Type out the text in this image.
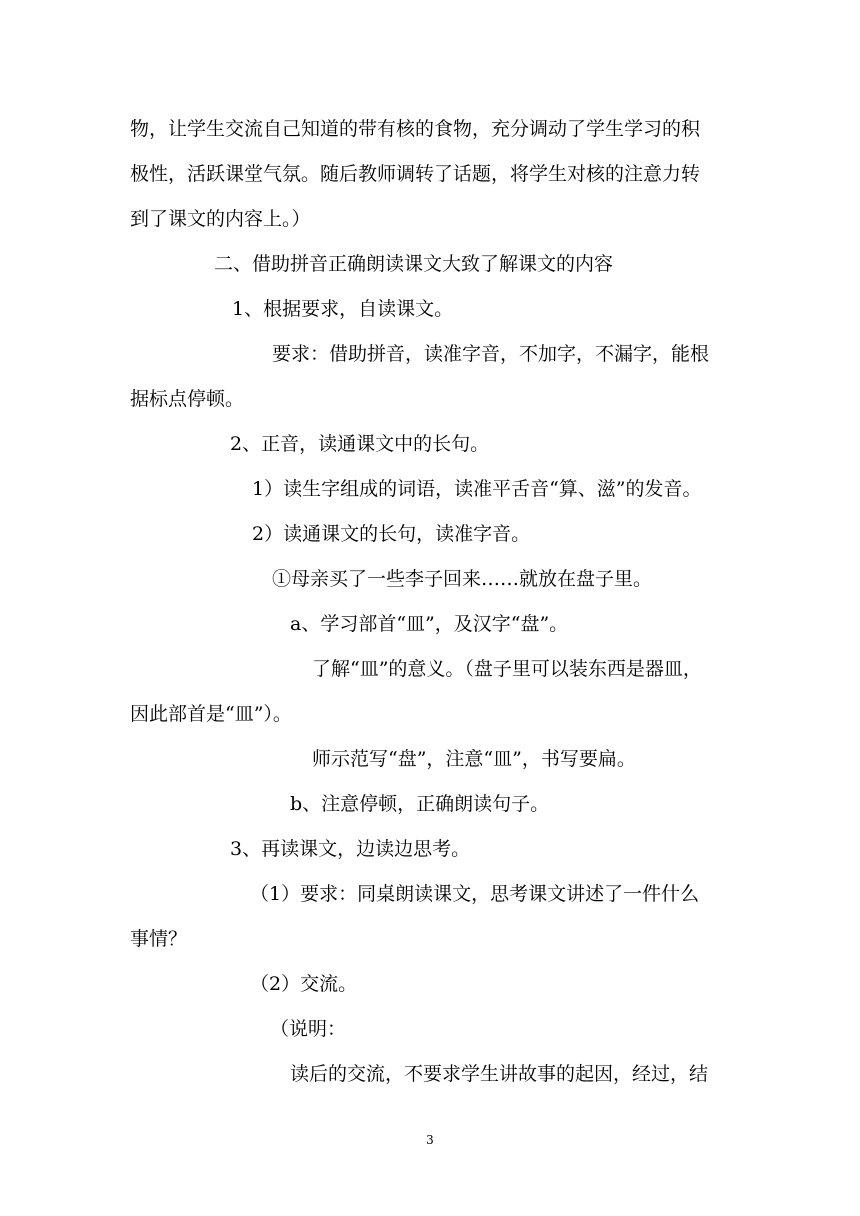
物，让学生交流自己知道的带有核的食物，充分调动了学生学习的积
极性，活跃课堂气氛。随后教师调转了话题，将学生对核的注意力转
到了课文的内容上。）
二、借助拼音正确朗读课文大致了解课文的内容
1、根据要求，自读课文。
要求：借助拼音，读准字音，不加字，不漏字，能根
据标点停顿。
2、正音，读通课文中的长句。
1）读生字组成的词语，读准平舌音“算、滋”的发音。
2）读通课文的长句，读准字音。
①母亲买了一些李子回来……就放在盘子里。
a、学习部首“皿”，及汉字“盘”。
了解“皿”的意义。（盘子里可以装东西是器皿，
因此部首是“皿”）。
师示范写“盘”，注意“皿”，书写要扁。
b、注意停顿，正确朗读句子。
3、再读课文，边读边思考。
（1）要求：同桌朗读课文，思考课文讲述了一件什么
事情？
（2）交流。
（说明：
读后的交流，不要求学生讲故事的起因，经过，结
3
